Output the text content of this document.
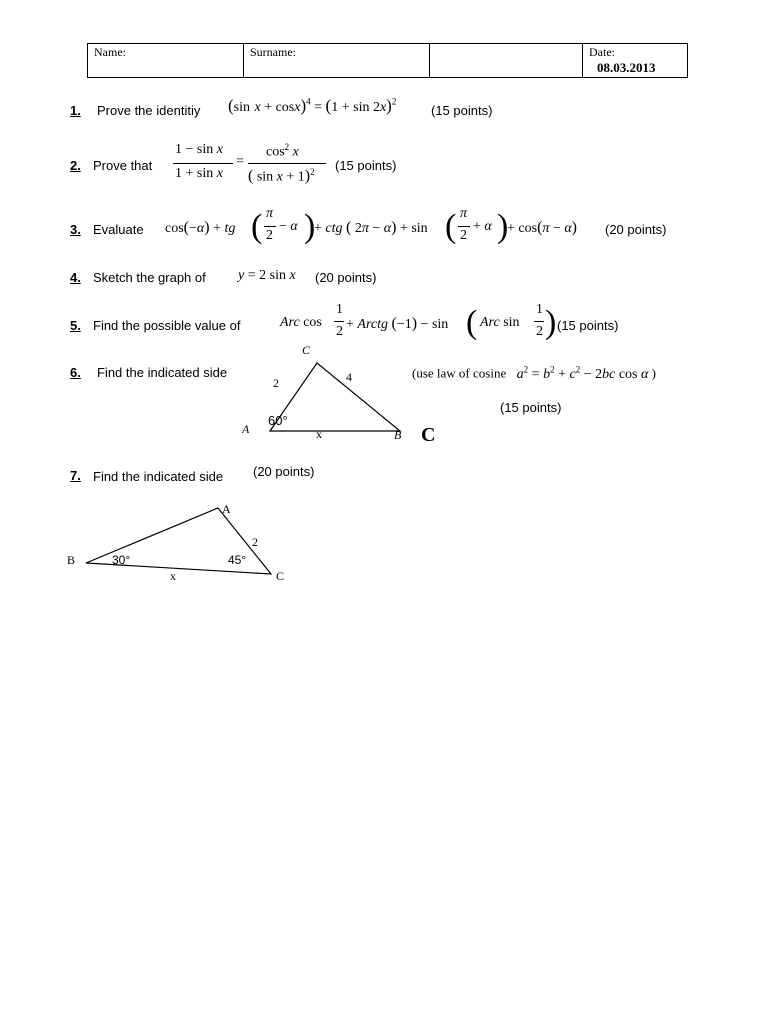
Name:	Surname:	Date:
08.03.2013
1. Prove the identitiy (sin $x + \cos x)^4 = (1 + \sin 2x)^2$
(15 points)
2. Prove that
1 − sin x
1 + sin x
=
$\cos^2 x$
( sin x + 1)$^2$ (15 points)
3. Evaluate cos(−α) + tg ( π
2
− α )
+ ctg ( 2π − α) + sin ( π
2
+ α )
+ cos(π − α) (20 points)
4. Sketch the graph of y = 2 sin x (20 points)
5. Find the possible value of	Arc cos
1
2 + Arctg (−1) − sin ( Arc sin
1
2 ) (15 points)
6. Find the indicated side	(use law of cosine $a^2 = b^2 + c^2 - 2bc$ cos α )
(15 points)
C
2	4
60°
A	x	B C
7. Find the indicated side (20 points)
A
2
B	30°	45°
x	C
